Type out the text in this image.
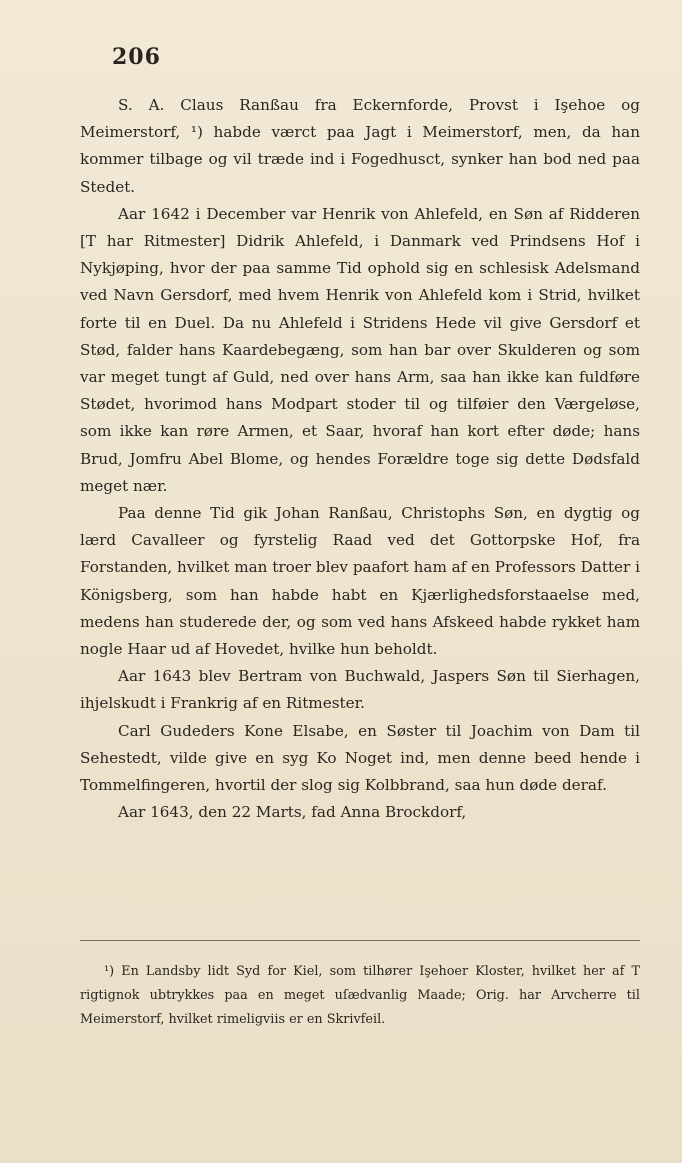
206

S. A. Claus Ranßau fra Eckernforde, Provst i Işehoe og Meimerstorf, ¹) habde værct paa Jagt i Meimerstorf, men, da han kommer tilbage og vil træde ind i Fogedhusct, synker han bod ned paa Stedet.

Aar 1642 i December var Henrik von Ahlefeld, en Søn af Ridderen [T har Ritmester] Didrik Ahlefeld, i Danmark ved Prindsens Hof i Nykjøping, hvor der paa samme Tid ophold sig en schlesisk Adelsmand ved Navn Gersdorf, med hvem Henrik von Ahlefeld kom i Strid, hvilket forte til en Duel. Da nu Ahlefeld i Stridens Hede vil give Gersdorf et Stød, falder hans Kaardebegæng, som han bar over Skulderen og som var meget tungt af Guld, ned over hans Arm, saa han ikke kan fuldføre Stødet, hvorimod hans Modpart stoder til og tilføier den Værgeløse, som ikke kan røre Armen, et Saar, hvoraf han kort efter døde; hans Brud, Jomfru Abel Blome, og hendes Forældre toge sig dette Dødsfald meget nær.

Paa denne Tid gik Johan Ranßau, Christophs Søn, en dygtig og lærd Cavalleer og fyrstelig Raad ved det Gottorpske Hof, fra Forstanden, hvilket man troer blev paafort ham af en Professors Datter i Königsberg, som han habde habt en Kjærlighedsforstaaelse med, medens han studerede der, og som ved hans Afskeed habde rykket ham nogle Haar ud af Hovedet, hvilke hun beholdt.

Aar 1643 blev Bertram von Buchwald, Jaspers Søn til Sierhagen, ihjelskudt i Frankrig af en Ritmester.

Carl Gudeders Kone Elsabe, en Søster til Joachim von Dam til Sehestedt, vilde give en syg Ko Noget ind, men denne beed hende i Tommelfingeren, hvortil der slog sig Kolbbrand, saa hun døde deraf.

Aar 1643, den 22 Marts, fad Anna Brockdorf,

¹) En Landsby lidt Syd for Kiel, som tilhører Işehoer Kloster, hvilket her af T rigtignok ubtrykkes paa en meget uſædvanlig Maade; Orig. har Arvcherre til Meimerstorf, hvilket rimeligviis er en Skrivfeil.
